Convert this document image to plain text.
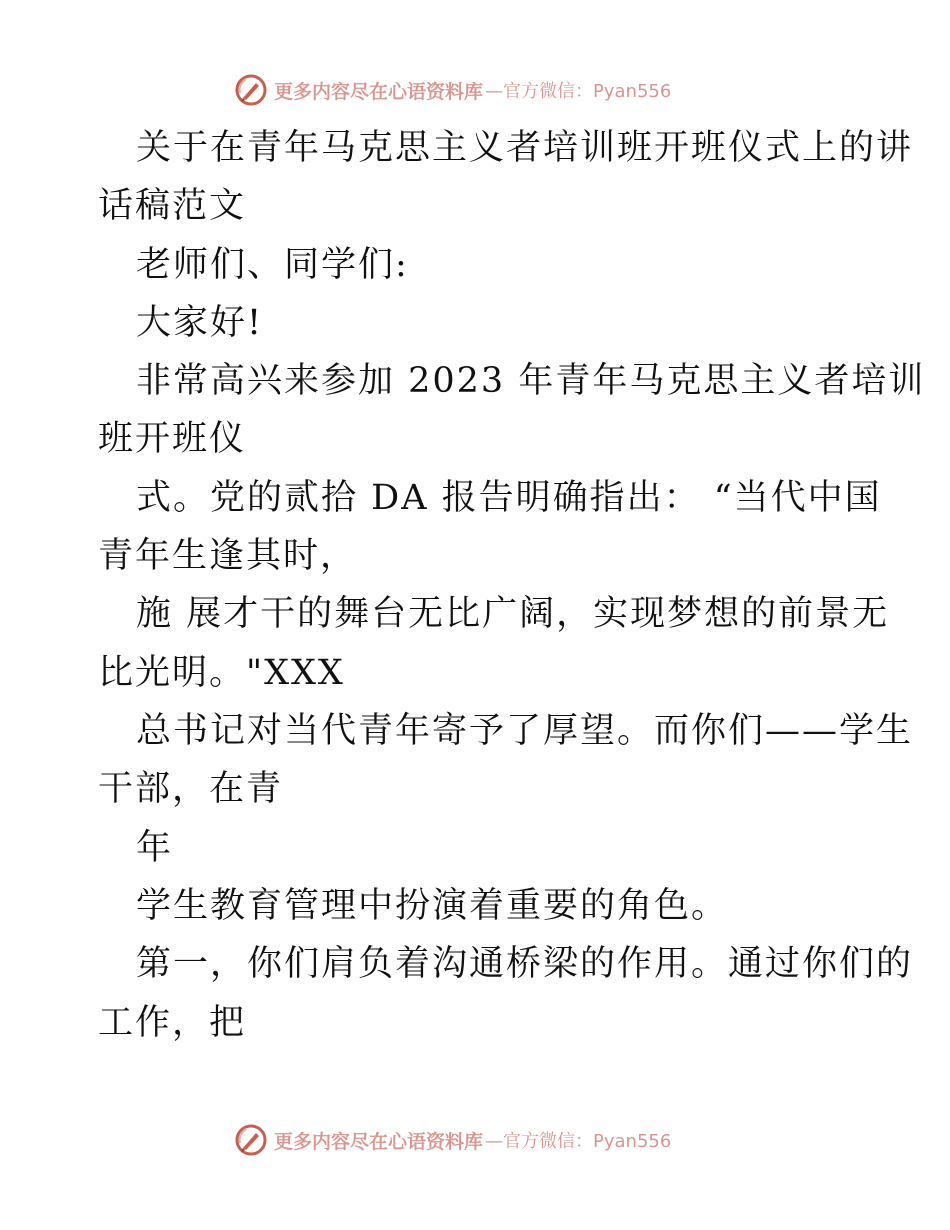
更多内容尽在心语资料库 —官方微信：Pyan556
关于在青年马克思主义者培训班开班仪式上的讲
话稿范文
老师们、同学们:
大家好!
非常高兴来参加 2023 年青年马克思主义者培训
班开班仪
式。党的贰拾 DA 报告明确指出： “当代中国
青年生逢其时，
施 展才干的舞台无比广阔，实现梦想的前景无
比光明。"XXX
总书记对当代青年寄予了厚望。而你们——学生
干部，在青
年
学生教育管理中扮演着重要的角色。
第一，你们肩负着沟通桥梁的作用。通过你们的
工作，把
更多内容尽在心语资料库 —官方微信：Pyan556
